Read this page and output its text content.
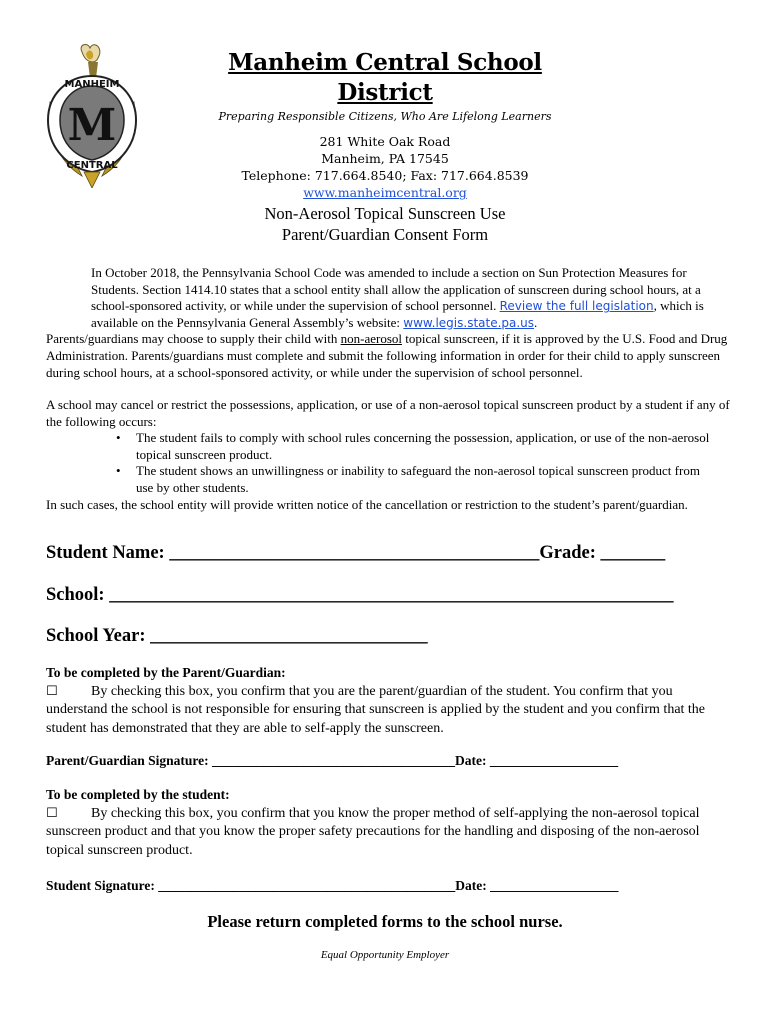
MANHEIM
M
CENTRAL
Manheim Central School District
Preparing Responsible Citizens, Who Are Lifelong Learners
281 White Oak Road
Manheim, PA 17545
Telephone: 717.664.8540; Fax: 717.664.8539
www.manheimcentral.org
Non-Aerosol Topical Sunscreen Use
Parent/Guardian Consent Form
In October 2018, the Pennsylvania School Code was amended to include a section on Sun Protection Measures for Students. Section 1414.10 states that a school entity shall allow the application of sunscreen during school hours, at a school-sponsored activity, or while under the supervision of school personnel. Review the full legislation, which is available on the Pennsylvania General Assembly’s website: www.legis.state.pa.us.
Parents/guardians may choose to supply their child with non-aerosol topical sunscreen, if it is approved by the U.S. Food and Drug Administration. Parents/guardians must complete and submit the following information in order for their child to apply sunscreen during school hours, at a school-sponsored activity, or while under the supervision of school personnel.
A school may cancel or restrict the possessions, application, or use of a non-aerosol topical sunscreen product by a student if any of the following occurs:
• The student fails to comply with school rules concerning the possession, application, or use of the non-aerosol topical sunscreen product.
• The student shows an unwillingness or inability to safeguard the non-aerosol topical sunscreen product from use by other students.
In such cases, the school entity will provide written notice of the cancellation or restriction to the student’s parent/guardian.
Student Name: ________________________________________Grade: _______
School: _____________________________________________________________
School Year: ______________________________
To be completed by the Parent/Guardian:
☐ By checking this box, you confirm that you are the parent/guardian of the student. You confirm that you understand the school is not responsible for ensuring that sunscreen is applied by the student and you confirm that the student has demonstrated that they are able to self-apply the sunscreen.
Parent/Guardian Signature: ____________________________________Date: ___________________
To be completed by the student:
☐ By checking this box, you confirm that you know the proper method of self-applying the non-aerosol topical sunscreen product and that you know the proper safety precautions for the handling and disposing of the non-aerosol topical sunscreen product.
Student Signature: ____________________________________________Date: ___________________
Please return completed forms to the school nurse.
Equal Opportunity Employer
